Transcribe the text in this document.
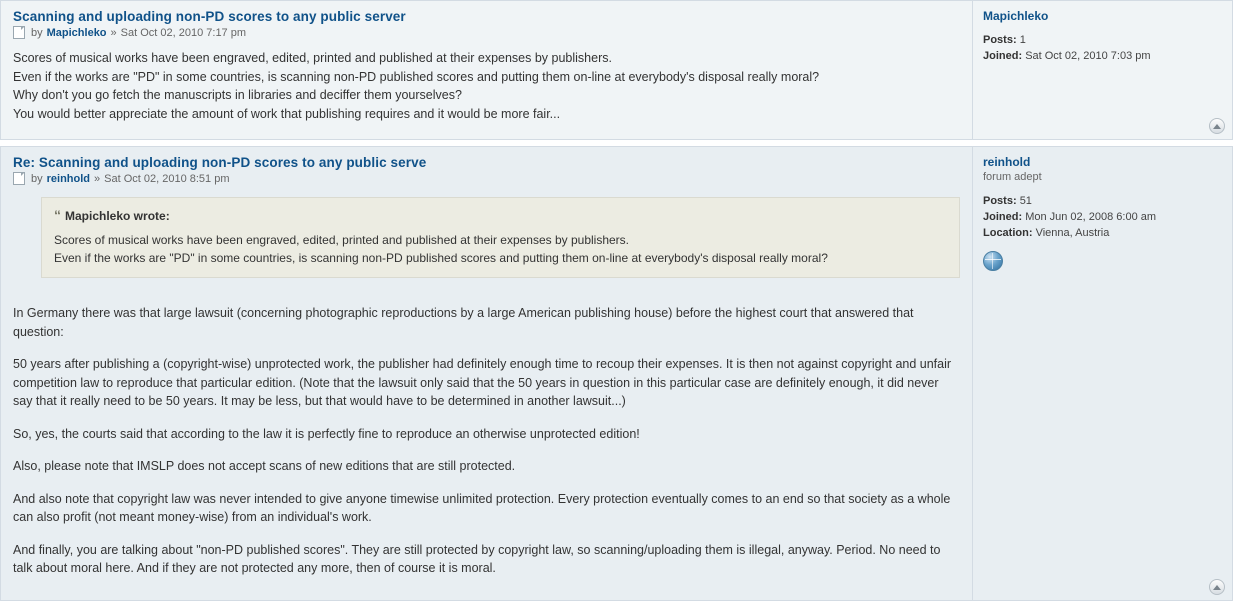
Scanning and uploading non-PD scores to any public server
by Mapichleko » Sat Oct 02, 2010 7:17 pm

Scores of musical works have been engraved, edited, printed and published at their expenses by publishers.

Even if the works are "PD" in some countries, is scanning non-PD published scores and putting them on-line at everybody's disposal really moral?

Why don't you go fetch the manuscripts in libraries and deciffer them yourselves?

You would better appreciate the amount of work that publishing requires and it would be more fair...

Mapichleko
Posts: 1
Joined: Sat Oct 02, 2010 7:03 pm
Re: Scanning and uploading non-PD scores to any public serve
by reinhold » Sat Oct 02, 2010 8:51 pm
“ Mapichleko wrote:

Scores of musical works have been engraved, edited, printed and published at their expenses by publishers.

Even if the works are "PD" in some countries, is scanning non-PD published scores and putting them on-line at everybody's disposal really moral?

In Germany there was that large lawsuit (concerning photographic reproductions by a large American publishing house) before the highest court that answered that question:

50 years after publishing a (copyright-wise) unprotected work, the publisher had definitely enough time to recoup their expenses. It is then not against copyright and unfair competition law to reproduce that particular edition. (Note that the lawsuit only said that the 50 years in question in this particular case are definitely enough, it did never say that it really need to be 50 years. It may be less, but that would have to be determined in another lawsuit...)

So, yes, the courts said that according to the law it is perfectly fine to reproduce an otherwise unprotected edition!

Also, please note that IMSLP does not accept scans of new editions that are still protected.

And also note that copyright law was never intended to give anyone timewise unlimited protection. Every protection eventually comes to an end so that society as a whole can also profit (not meant money-wise) from an individual's work.

And finally, you are talking about "non-PD published scores". They are still protected by copyright law, so scanning/uploading them is illegal, anyway. Period. No need to talk about moral here. And if they are not protected any more, then of course it is moral.

reinhold
forum adept
Posts: 51
Joined: Mon Jun 02, 2008 6:00 am
Location: Vienna, Austria
